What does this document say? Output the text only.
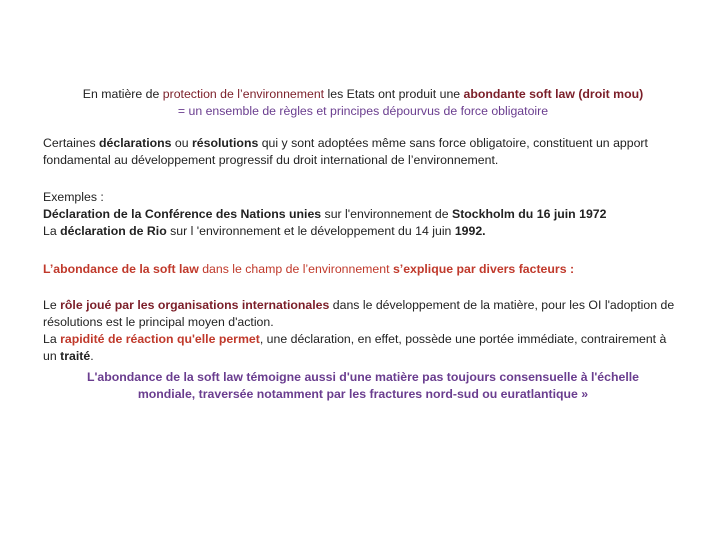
En matière de protection de l’environnement les Etats ont produit une abondante soft law (droit mou)

= un ensemble de règles et principes dépourvus de force obligatoire

Certaines déclarations ou résolutions qui y sont adoptées même sans force obligatoire, constituent un apport fondamental au développement progressif du droit international de l’environnement.

Exemples :

Déclaration de la Conférence des Nations unies sur l'environnement de Stockholm du 16 juin 1972

La déclaration de Rio sur l 'environnement et le développement du 14 juin 1992.

L’abondance de la soft law dans le champ de l’environnement s’explique par divers facteurs :

Le rôle joué par les organisations internationales dans le développement de la matière, pour les OI l'adoption de résolutions est le principal moyen d'action.

La rapidité de réaction qu'elle permet, une déclaration, en effet, possède une portée immédiate, contrairement à un traité.

L'abondance de la soft law témoigne aussi d'une matière pas toujours consensuelle à l'échelle mondiale, traversée notamment par les fractures nord-sud ou euratlantique »
